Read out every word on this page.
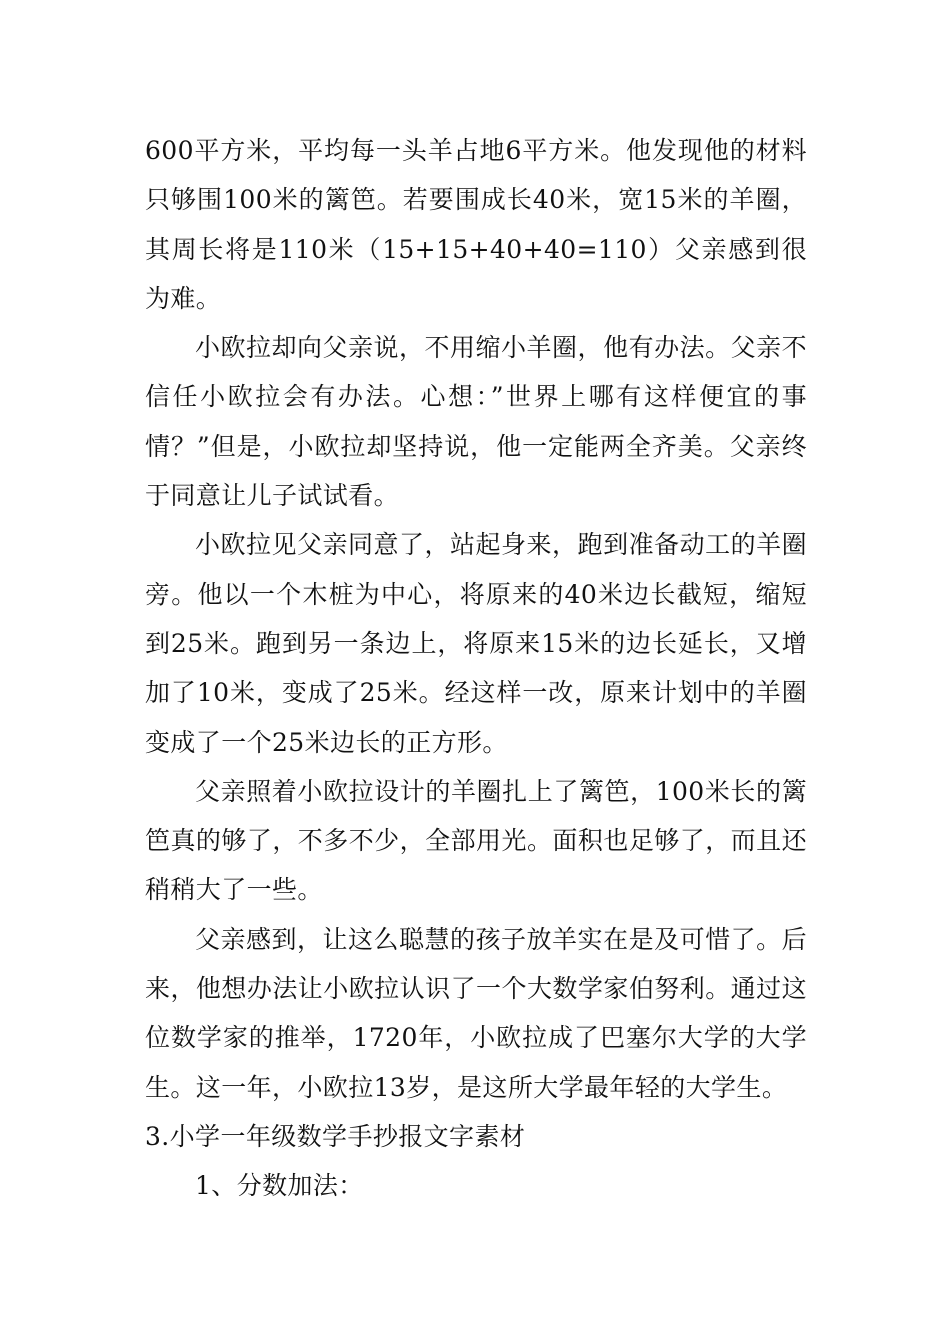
600平方米，平均每一头羊占地6平方米。他发现他的材料只够围100米的篱笆。若要围成长40米，宽15米的羊圈，其周长将是110米（15+15+40+40=110）父亲感到很为难。

小欧拉却向父亲说，不用缩小羊圈，他有办法。父亲不信任小欧拉会有办法。心想：”世界上哪有这样便宜的事情？”但是，小欧拉却坚持说，他一定能两全齐美。父亲终于同意让儿子试试看。

小欧拉见父亲同意了，站起身来，跑到准备动工的羊圈旁。他以一个木桩为中心，将原来的40米边长截短，缩短到25米。跑到另一条边上，将原来15米的边长延长，又增加了10米，变成了25米。经这样一改，原来计划中的羊圈变成了一个25米边长的正方形。

父亲照着小欧拉设计的羊圈扎上了篱笆，100米长的篱笆真的够了，不多不少，全部用光。面积也足够了，而且还稍稍大了一些。

父亲感到，让这么聪慧的孩子放羊实在是及可惜了。后来，他想办法让小欧拉认识了一个大数学家伯努利。通过这位数学家的推举，1720年，小欧拉成了巴塞尔大学的大学生。这一年，小欧拉13岁，是这所大学最年轻的大学生。

3.小学一年级数学手抄报文字素材

1、分数加法：
